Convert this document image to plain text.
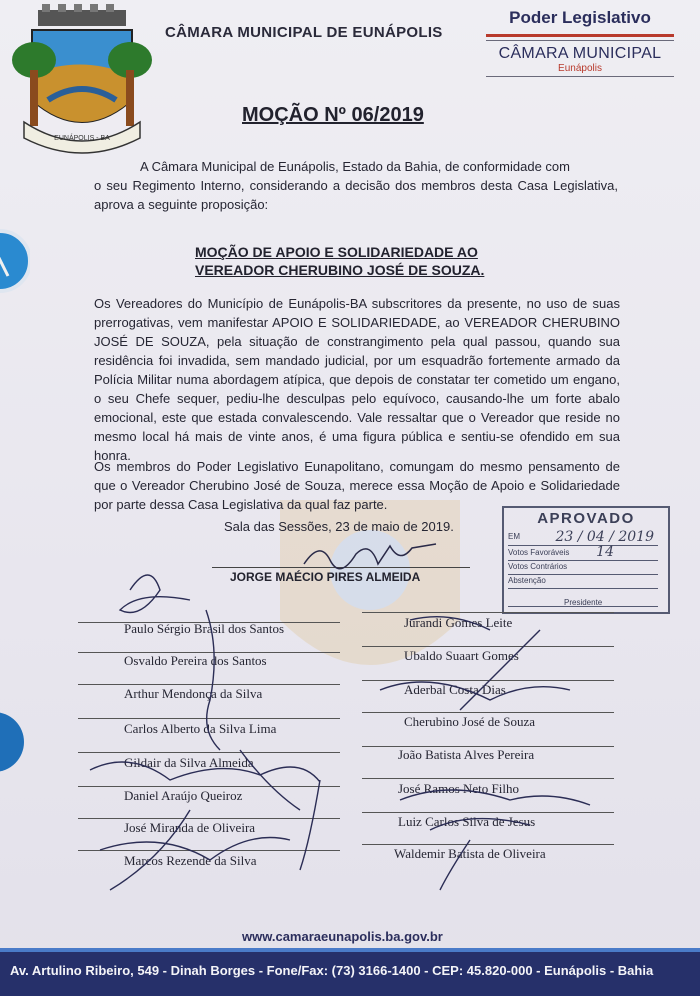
EUNÁPOLIS - BA
CÂMARA MUNICIPAL DE EUNÁPOLIS
Poder Legislativo
CÂMARA MUNICIPAL
Eunápolis
MOÇÃO Nº 06/2019
A Câmara Municipal de Eunápolis, Estado da Bahia, de conformidade com
o seu Regimento Interno, considerando a decisão dos membros desta Casa Legislativa, aprova a seguinte proposição:
MOÇÃO DE APOIO E SOLIDARIEDADE AO
VEREADOR CHERUBINO JOSÉ DE SOUZA.
Os Vereadores do Município de Eunápolis-BA subscritores da presente, no uso de suas prerrogativas, vem manifestar APOIO E SOLIDARIEDADE, ao VEREADOR CHERUBINO JOSÉ DE SOUZA, pela situação de constrangimento pela qual passou, quando sua residência foi invadida, sem mandado judicial, por um esquadrão fortemente armado da Polícia Militar numa abordagem atípica, que depois de constatar ter cometido um engano, o seu Chefe sequer, pediu-lhe desculpas pelo equívoco, causando-lhe um forte abalo emocional, este que estada convalescendo. Vale ressaltar que o Vereador que reside no mesmo local há mais de vinte anos, é uma figura pública e sentiu-se ofendido em sua honra.
Os membros do Poder Legislativo Eunapolitano, comungam do mesmo pensamento de que o Vereador Cherubino José de Souza, merece essa Moção de Apoio e Solidariedade por parte dessa Casa Legislativa da qual faz parte.
Sala das Sessões, 23 de maio de 2019.
JORGE MAÉCIO PIRES ALMEIDA
APROVADO
EM	23 / 04 / 2019
Votos Favoráveis 14
Votos Contrários
Abstenção
Presidente
Paulo Sérgio Brasil dos Santos
Osvaldo Pereira dos Santos
Arthur Mendonça da Silva
Carlos Alberto da Silva Lima
Gildair da Silva Almeida
Daniel Araújo Queiroz
José Miranda de Oliveira
Marcos Rezende da Silva
Jurandi Gomes Leite
Ubaldo Suaart Gomes
Aderbal Costa Dias
Cherubino José de Souza
João Batista Alves Pereira
José Ramos Neto Filho
Luiz Carlos Silva de Jesus
Waldemir Batista de Oliveira
www.camaraeunapolis.ba.gov.br
Av. Artulino Ribeiro, 549 - Dinah Borges - Fone/Fax: (73) 3166-1400 - CEP: 45.820-000 - Eunápolis - Bahia
